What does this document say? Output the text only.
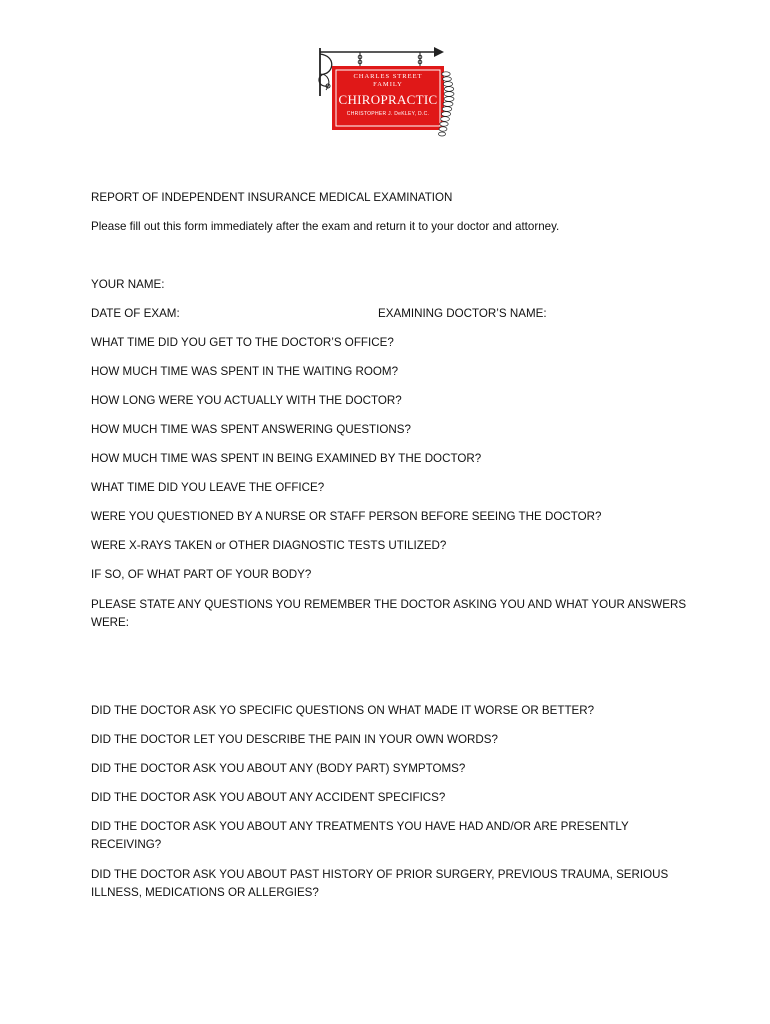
CHARLES STREET
FAMILY
CHIROPRACTIC
CHRISTOPHER J. DeKLEY, D.C.

REPORT OF INDEPENDENT INSURANCE MEDICAL EXAMINATION

Please fill out this form immediately after the exam and return it to your doctor and attorney.

YOUR NAME:

DATE OF EXAM:	EXAMINING DOCTOR’S NAME:

WHAT TIME DID YOU GET TO THE DOCTOR’S OFFICE?

HOW MUCH TIME WAS SPENT IN THE WAITING ROOM?

HOW LONG WERE YOU ACTUALLY WITH THE DOCTOR?

HOW MUCH TIME WAS SPENT ANSWERING QUESTIONS?

HOW MUCH TIME WAS SPENT IN BEING EXAMINED BY THE DOCTOR?

WHAT TIME DID YOU LEAVE THE OFFICE?

WERE YOU QUESTIONED BY A NURSE OR STAFF PERSON BEFORE SEEING THE DOCTOR?

WERE X-RAYS TAKEN or OTHER DIAGNOSTIC TESTS UTILIZED?

IF SO, OF WHAT PART OF YOUR BODY?

PLEASE STATE ANY QUESTIONS YOU REMEMBER THE DOCTOR ASKING YOU AND WHAT YOUR ANSWERS WERE:

DID THE DOCTOR ASK YO SPECIFIC QUESTIONS ON WHAT MADE IT WORSE OR BETTER?

DID THE DOCTOR LET YOU DESCRIBE THE PAIN IN YOUR OWN WORDS?

DID THE DOCTOR ASK YOU ABOUT ANY (BODY PART) SYMPTOMS?

DID THE DOCTOR ASK YOU ABOUT ANY ACCIDENT SPECIFICS?

DID THE DOCTOR ASK YOU ABOUT ANY TREATMENTS YOU HAVE HAD AND/OR ARE PRESENTLY RECEIVING?

DID THE DOCTOR ASK YOU ABOUT PAST HISTORY OF PRIOR SURGERY, PREVIOUS TRAUMA, SERIOUS ILLNESS, MEDICATIONS OR ALLERGIES?
